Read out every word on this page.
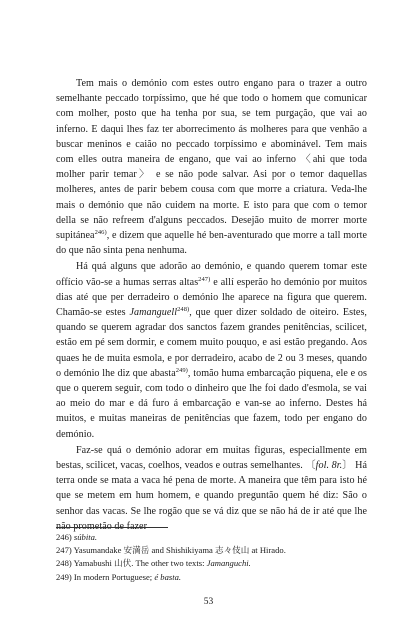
Tem mais o demónio com estes outro engano para o trazer a outro semelhante peccado torpíssimo, que hé que todo o homem que comunicar com molher, posto que ha tenha por sua, se tem purgação, que vai ao inferno. E daqui lhes faz ter aborrecimento ás molheres para que venhão a buscar meninos e caião no peccado torpíssimo e abominável. Tem mais com elles outra maneira de engano, que vai ao inferno 〈ahi que toda molher parir temar〉 e se não pode salvar. Asi por o temor daquellas molheres, antes de parir bebem cousa com que morre a criatura. Veda-lhe mais o demónio que não cuidem na morte. E isto para que com o temor della se não refreem d'alguns peccados. Desejão muito de morrer morte supitánea$^{246)}$, e dizem que aquelle hé ben-aventurado que morre a tall morte do que não sinta pena nenhuma.

Há quá alguns que adorão ao demónio, e quando querem tomar este offício vão-se a humas serras altas$^{247)}$ e allí esperão ho demónio por muitos dias até que per derradeiro o demónio lhe aparece na figura que querem. Chamão-se estes Jamanguell$^{248)}$, que quer dizer soldado de oiteiro. Estes, quando se querem agradar dos sanctos fazem grandes penitências, scilicet, estão em pé sem dormir, e comem muito pouquo, e asi estão pregando. Aos quaes he de muita esmola, e por derradeiro, acabo de 2 ou 3 meses, quando o demónio lhe diz que abasta$^{249)}$, tomão huma embarcação piquena, ele e os que o querem seguir, com todo o dinheiro que lhe foi dado d'esmola, se vai ao meio do mar e dá furo á embarcação e van-se ao inferno. Destes há muitos, e muitas maneiras de penitências que fazem, todo per engano do demónio.

Faz-se quá o demónio adorar em muitas figuras, especiallmente em bestas, scilicet, vacas, coelhos, veados e outras semelhantes. 〔fol. 8r.〕 Há terra onde se mata a vaca hé pena de morte. A maneira que têm para isto hé que se metem em hum homem, e quando preguntão quem hé diz: São o senhor das vacas. Se lhe rogão que se vá diz que se não há de ir até que lhe não prometão de fazer

246) súbita.
247) Yasumandake 安満岳 and Shishikiyama 志々伎山 at Hirado.
248) Yamabushi 山伏. The other two texts: Jamanguchi.
249) In modern Portuguese; é basta.
53
